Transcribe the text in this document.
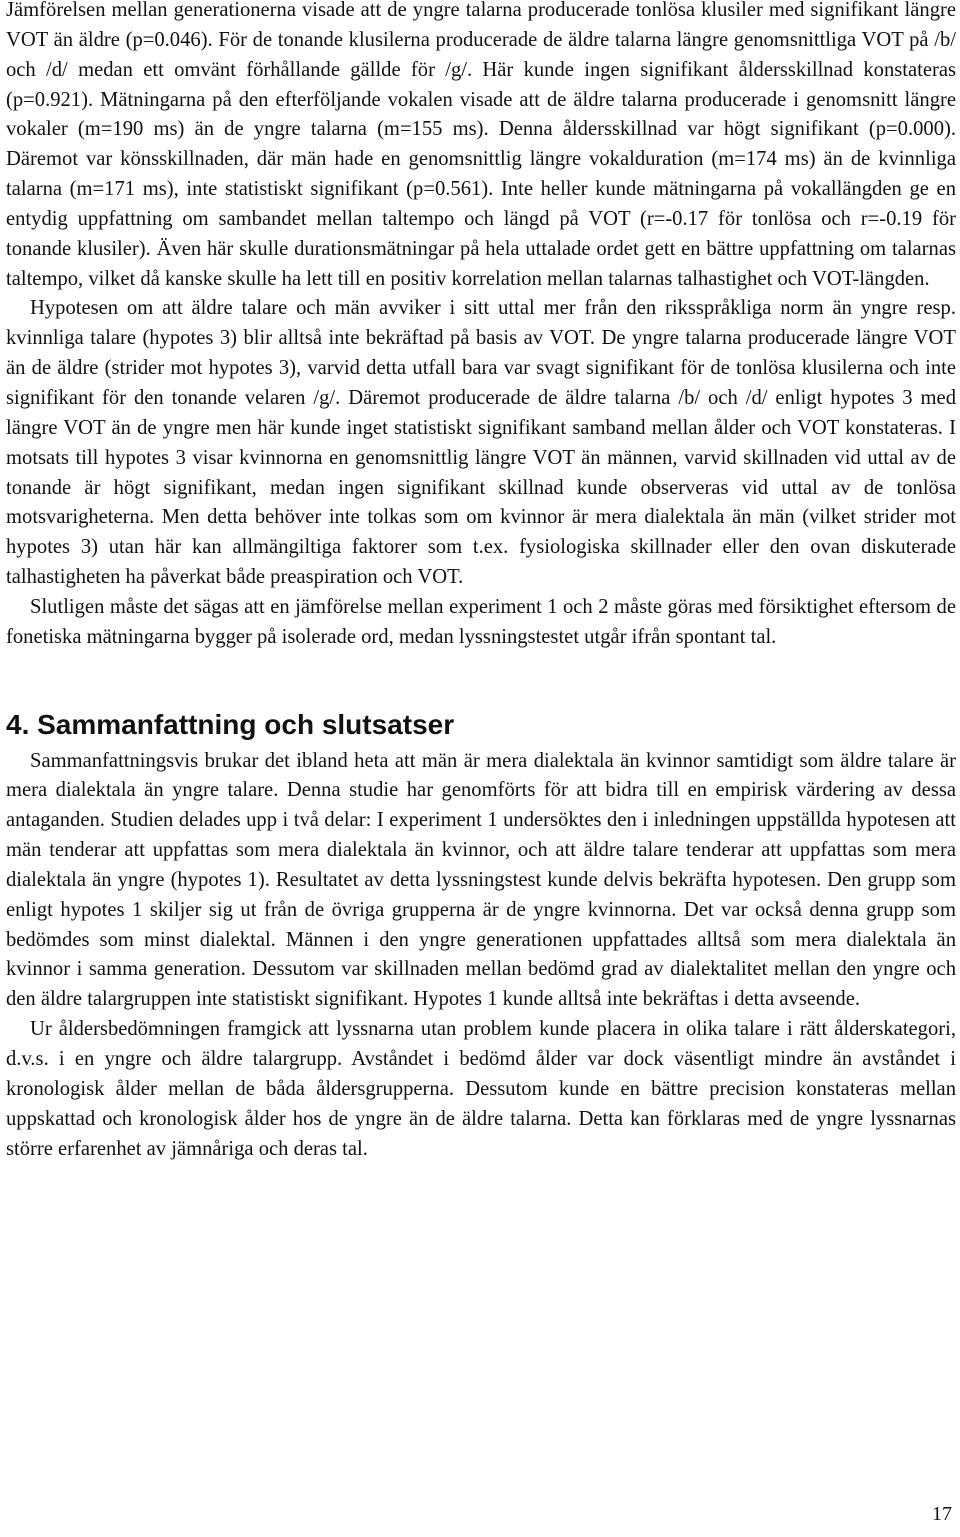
Jämförelsen mellan generationerna visade att de yngre talarna producerade tonlösa klusiler med signifikant längre VOT än äldre (p=0.046). För de tonande klusilerna producerade de äldre talarna längre genomsnittliga VOT på /b/ och /d/ medan ett omvänt förhållande gällde för /g/. Här kunde ingen signifikant åldersskillnad konstateras (p=0.921). Mätningarna på den efterföljande vokalen visade att de äldre talarna producerade i genomsnitt längre vokaler (m=190 ms) än de yngre talarna (m=155 ms). Denna åldersskillnad var högt signifikant (p=0.000). Däremot var könsskillnaden, där män hade en genomsnittlig längre vokalduration (m=174 ms) än de kvinnliga talarna (m=171 ms), inte statistiskt signifikant (p=0.561). Inte heller kunde mätningarna på vokallängden ge en entydig uppfattning om sambandet mellan taltempo och längd på VOT (r=-0.17 för tonlösa och r=-0.19 för tonande klusiler). Även här skulle durationsmätningar på hela uttalade ordet gett en bättre uppfattning om talarnas taltempo, vilket då kanske skulle ha lett till en positiv korrelation mellan talarnas talhastighet och VOT-längden.

Hypotesen om att äldre talare och män avviker i sitt uttal mer från den riksspråkliga norm än yngre resp. kvinnliga talare (hypotes 3) blir alltså inte bekräftad på basis av VOT. De yngre talarna producerade längre VOT än de äldre (strider mot hypotes 3), varvid detta utfall bara var svagt signifikant för de tonlösa klusilerna och inte signifikant för den tonande velaren /g/. Däremot producerade de äldre talarna /b/ och /d/ enligt hypotes 3 med längre VOT än de yngre men här kunde inget statistiskt signifikant samband mellan ålder och VOT konstateras. I motsats till hypotes 3 visar kvinnorna en genomsnittlig längre VOT än männen, varvid skillnaden vid uttal av de tonande är högt signifikant, medan ingen signifikant skillnad kunde observeras vid uttal av de tonlösa motsvarigheterna. Men detta behöver inte tolkas som om kvinnor är mera dialektala än män (vilket strider mot hypotes 3) utan här kan allmängiltiga faktorer som t.ex. fysiologiska skillnader eller den ovan diskuterade talhastigheten ha påverkat både preaspiration och VOT.

Slutligen måste det sägas att en jämförelse mellan experiment 1 och 2 måste göras med försiktighet eftersom de fonetiska mätningarna bygger på isolerade ord, medan lyssningstestet utgår ifrån spontant tal.

4. Sammanfattning och slutsatser

Sammanfattningsvis brukar det ibland heta att män är mera dialektala än kvinnor samtidigt som äldre talare är mera dialektala än yngre talare. Denna studie har genomförts för att bidra till en empirisk värdering av dessa antaganden. Studien delades upp i två delar: I experiment 1 undersöktes den i inledningen uppställda hypotesen att män tenderar att uppfattas som mera dialektala än kvinnor, och att äldre talare tenderar att uppfattas som mera dialektala än yngre (hypotes 1). Resultatet av detta lyssningstest kunde delvis bekräfta hypotesen. Den grupp som enligt hypotes 1 skiljer sig ut från de övriga grupperna är de yngre kvinnorna. Det var också denna grupp som bedömdes som minst dialektal. Männen i den yngre generationen uppfattades alltså som mera dialektala än kvinnor i samma generation. Dessutom var skillnaden mellan bedömd grad av dialektalitet mellan den yngre och den äldre talargruppen inte statistiskt signifikant. Hypotes 1 kunde alltså inte bekräftas i detta avseende.

Ur åldersbedömningen framgick att lyssnarna utan problem kunde placera in olika talare i rätt ålderskategori, d.v.s. i en yngre och äldre talargrupp. Avståndet i bedömd ålder var dock väsentligt mindre än avståndet i kronologisk ålder mellan de båda åldersgrupperna. Dessutom kunde en bättre precision konstateras mellan uppskattad och kronologisk ålder hos de yngre än de äldre talarna. Detta kan förklaras med de yngre lyssnarnas större erfarenhet av jämnåriga och deras tal.

17
